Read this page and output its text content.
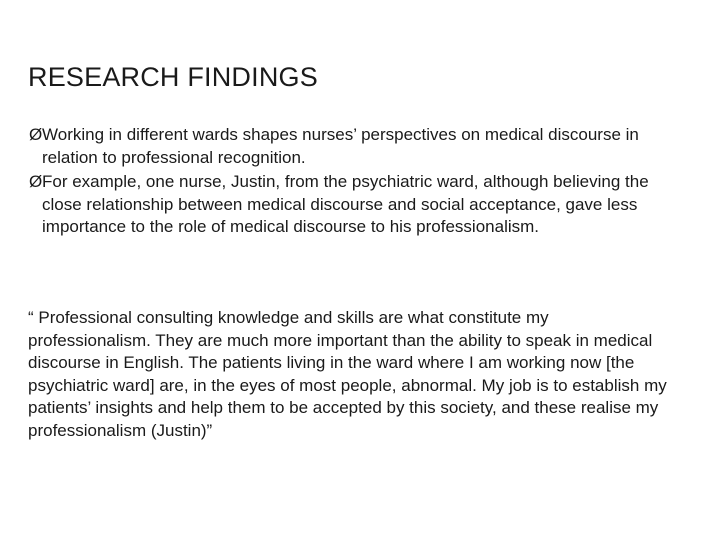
RESEARCH FINDINGS
Ø Working in different wards shapes nurses’ perspectives on medical discourse in relation to professional recognition.
Ø For example, one nurse, Justin, from the psychiatric ward, although believing the close relationship between medical discourse and social acceptance, gave less importance to the role of medical discourse to his professionalism.

“ Professional consulting knowledge and skills are what constitute my professionalism. They are much more important than the ability to speak in medical discourse in English. The patients living in the ward where I am working now [the psychiatric ward] are, in the eyes of most people, abnormal. My job is to establish my patients’ insights and help them to be accepted by this society, and these realise my professionalism (Justin)”
